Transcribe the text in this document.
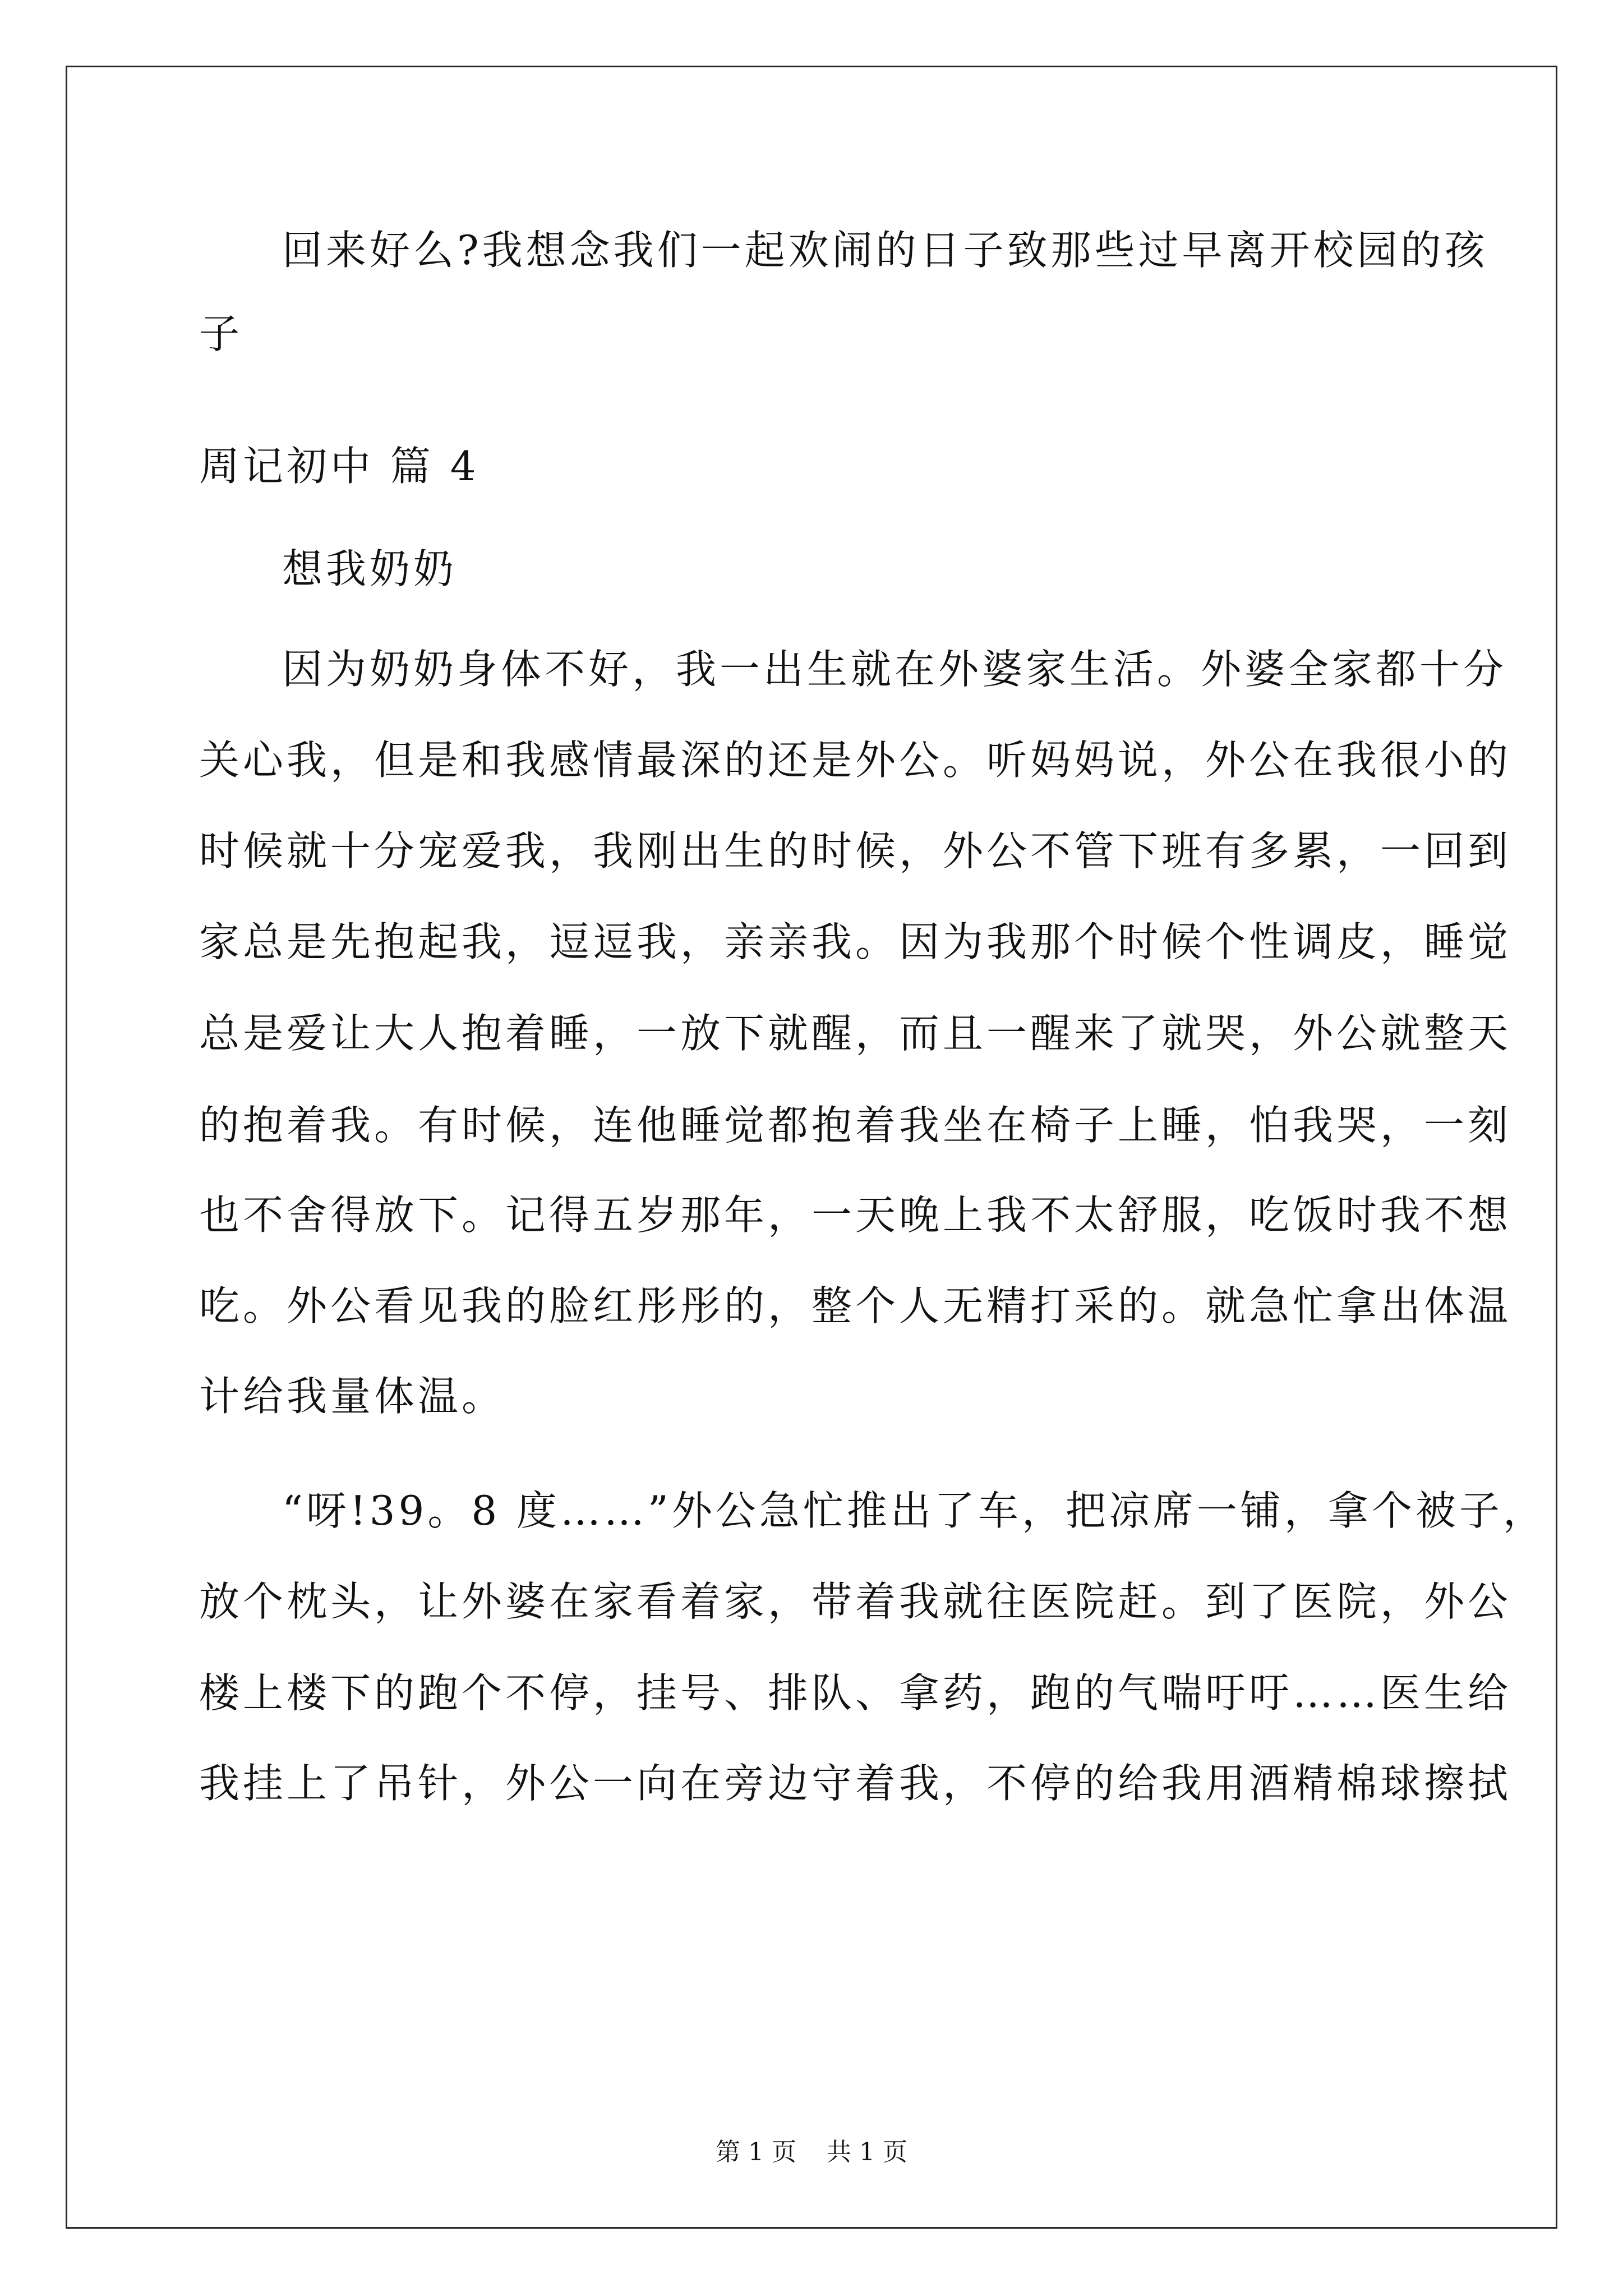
回来好么?我想念我们一起欢闹的日子致那些过早离开校园的孩
子
周记初中 篇 4
想我奶奶
因为奶奶身体不好，我一出生就在外婆家生活。外婆全家都十分
关心我，但是和我感情最深的还是外公。听妈妈说，外公在我很小的
时候就十分宠爱我，我刚出生的时候，外公不管下班有多累，一回到
家总是先抱起我，逗逗我，亲亲我。因为我那个时候个性调皮，睡觉
总是爱让大人抱着睡，一放下就醒，而且一醒来了就哭，外公就整天
的抱着我。有时候，连他睡觉都抱着我坐在椅子上睡，怕我哭，一刻
也不舍得放下。记得五岁那年，一天晚上我不太舒服，吃饭时我不想
吃。外公看见我的脸红彤彤的，整个人无精打采的。就急忙拿出体温
计给我量体温。
“呀!39。8 度……”外公急忙推出了车，把凉席一铺，拿个被子，
放个枕头，让外婆在家看着家，带着我就往医院赶。到了医院，外公
楼上楼下的跑个不停，挂号、排队、拿药，跑的气喘吁吁……医生给
我挂上了吊针，外公一向在旁边守着我，不停的给我用酒精棉球擦拭
第 1 页 共 1 页
